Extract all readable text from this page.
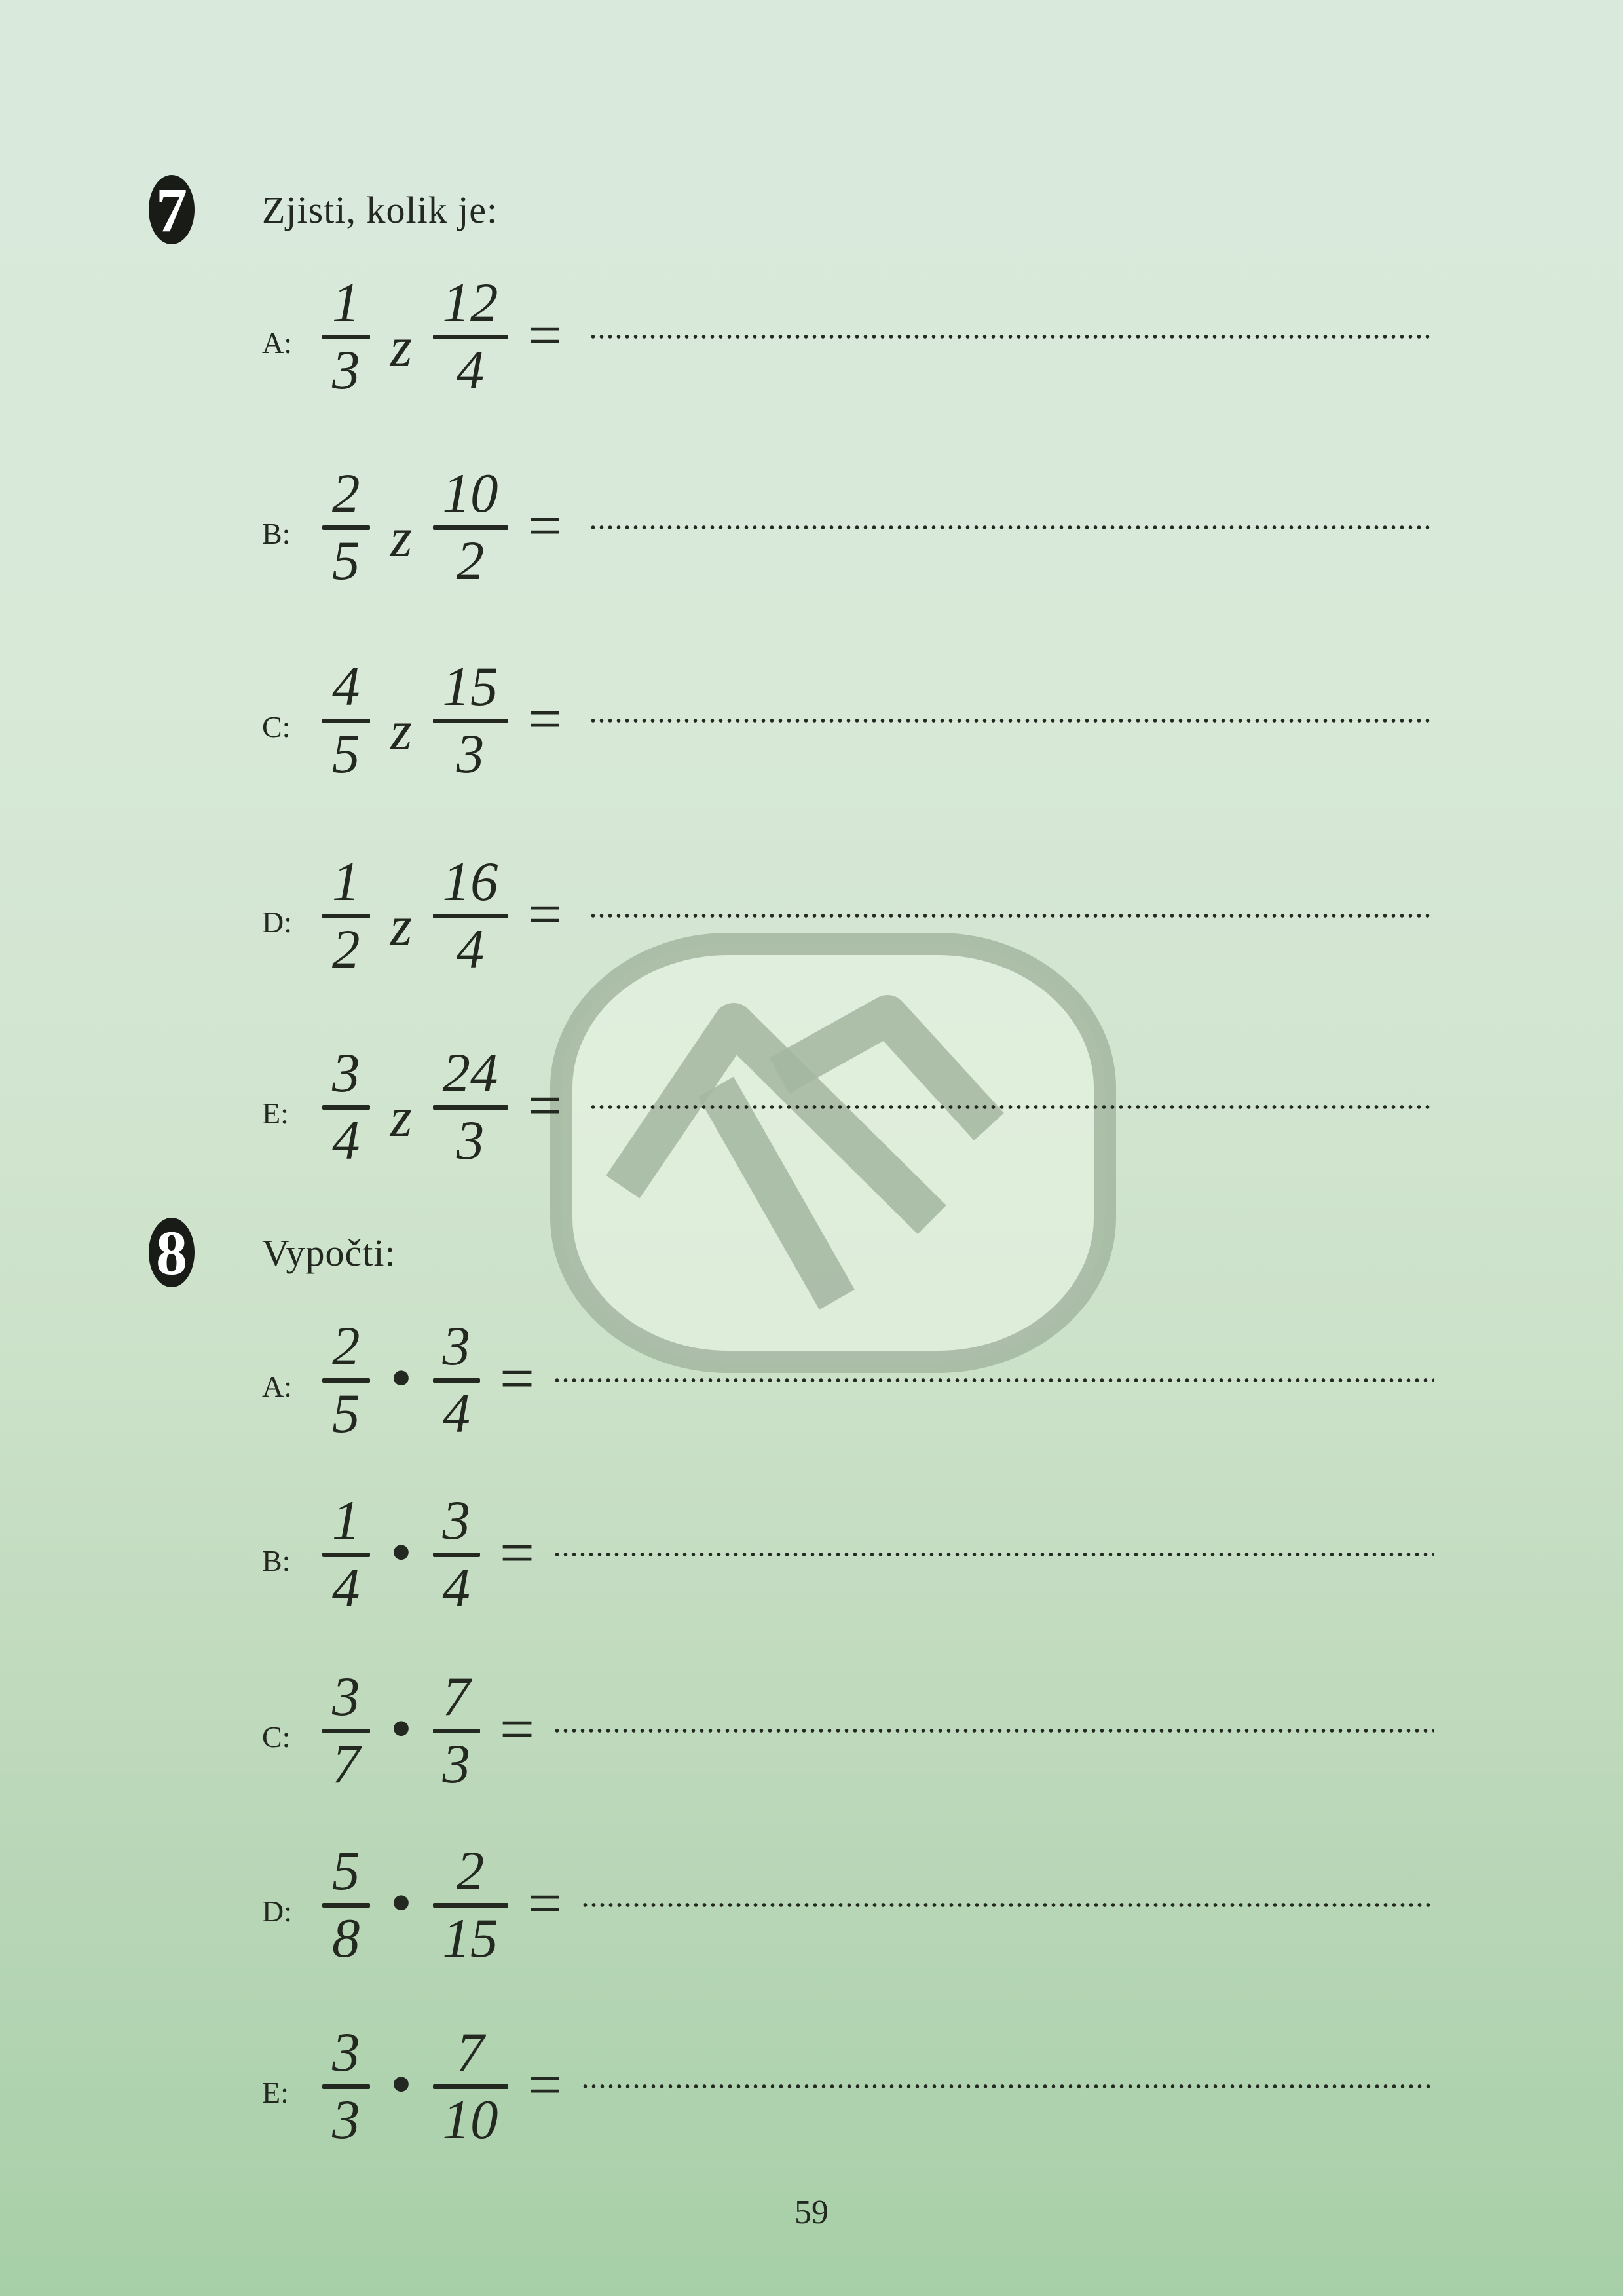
7 Zjisti, kolik je:
A:
1
3 z
12
4
=
B:
2
5 z
10
2
=
C:
4
5 z
15
3
=
D:
1
2 z
16
4
=
E:
3
4 z
24
3
=
8 Vypočti:
A:
2
5 · 3
4
=
B:
1
4 · 3
4
=
C:
3
7 · 7
3
=
D:
5
8 · 2
15
=
E:
3
3 · 7
10
=
59
